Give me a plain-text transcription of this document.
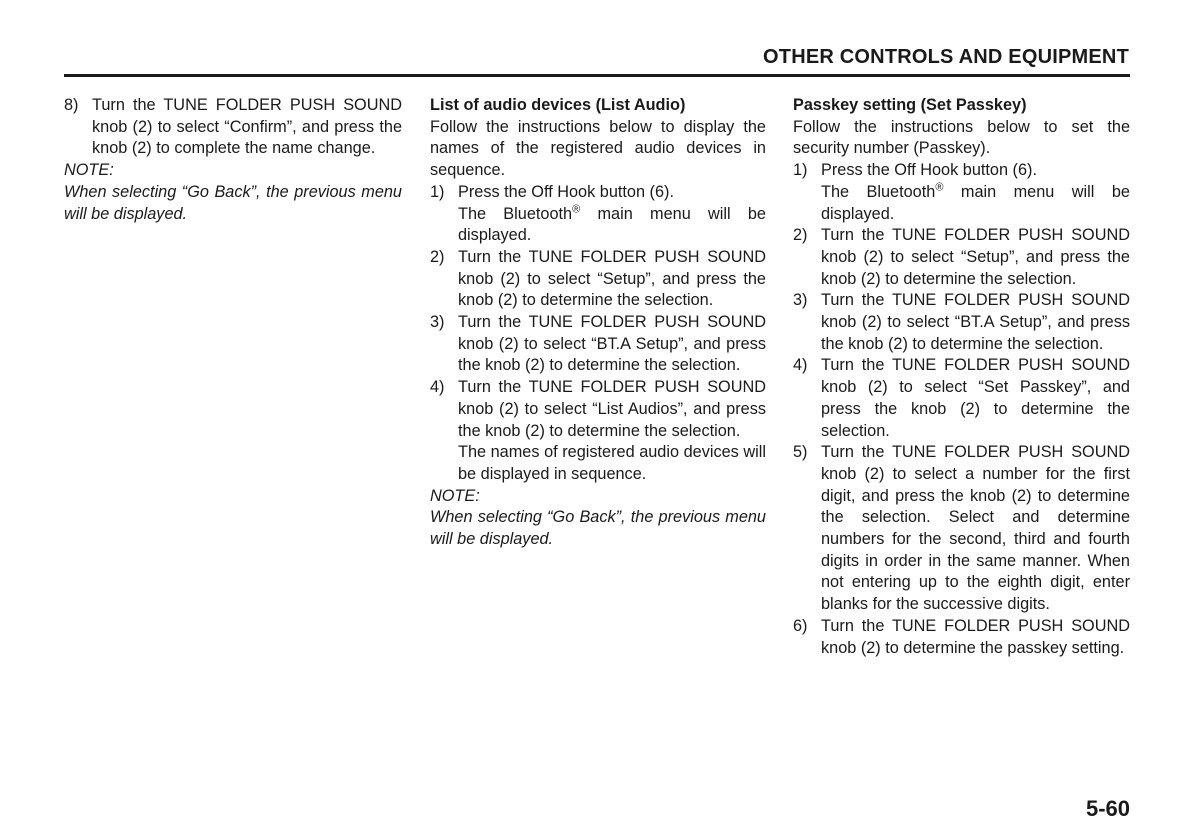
OTHER CONTROLS AND EQUIPMENT
8) Turn the TUNE FOLDER PUSH SOUND knob (2) to select “Confirm”, and press the knob (2) to complete the name change.

NOTE:

When selecting “Go Back”, the previous menu will be displayed.

List of audio devices (List Audio)

Follow the instructions below to display the names of the registered audio devices in sequence.

1) Press the Off Hook button (6).
The Bluetooth® main menu will be displayed.
2) Turn the TUNE FOLDER PUSH SOUND knob (2) to select “Setup”, and press the knob (2) to determine the selection.
3) Turn the TUNE FOLDER PUSH SOUND knob (2) to select “BT.A Setup”, and press the knob (2) to determine the selection.
4) Turn the TUNE FOLDER PUSH SOUND knob (2) to select “List Audios”, and press the knob (2) to determine the selection.
The names of registered audio devices will be displayed in sequence.

NOTE:

When selecting “Go Back”, the previous menu will be displayed.

Passkey setting (Set Passkey)

Follow the instructions below to set the security number (Passkey).

1) Press the Off Hook button (6).
The Bluetooth® main menu will be displayed.
2) Turn the TUNE FOLDER PUSH SOUND knob (2) to select “Setup”, and press the knob (2) to determine the selection.
3) Turn the TUNE FOLDER PUSH SOUND knob (2) to select “BT.A Setup”, and press the knob (2) to determine the selection.
4) Turn the TUNE FOLDER PUSH SOUND knob (2) to select “Set Passkey”, and press the knob (2) to determine the selection.
5) Turn the TUNE FOLDER PUSH SOUND knob (2) to select a number for the first digit, and press the knob (2) to determine the selection. Select and determine numbers for the second, third and fourth digits in order in the same manner. When not entering up to the eighth digit, enter blanks for the successive digits.
6) Turn the TUNE FOLDER PUSH SOUND knob (2) to determine the passkey setting.
5-60
